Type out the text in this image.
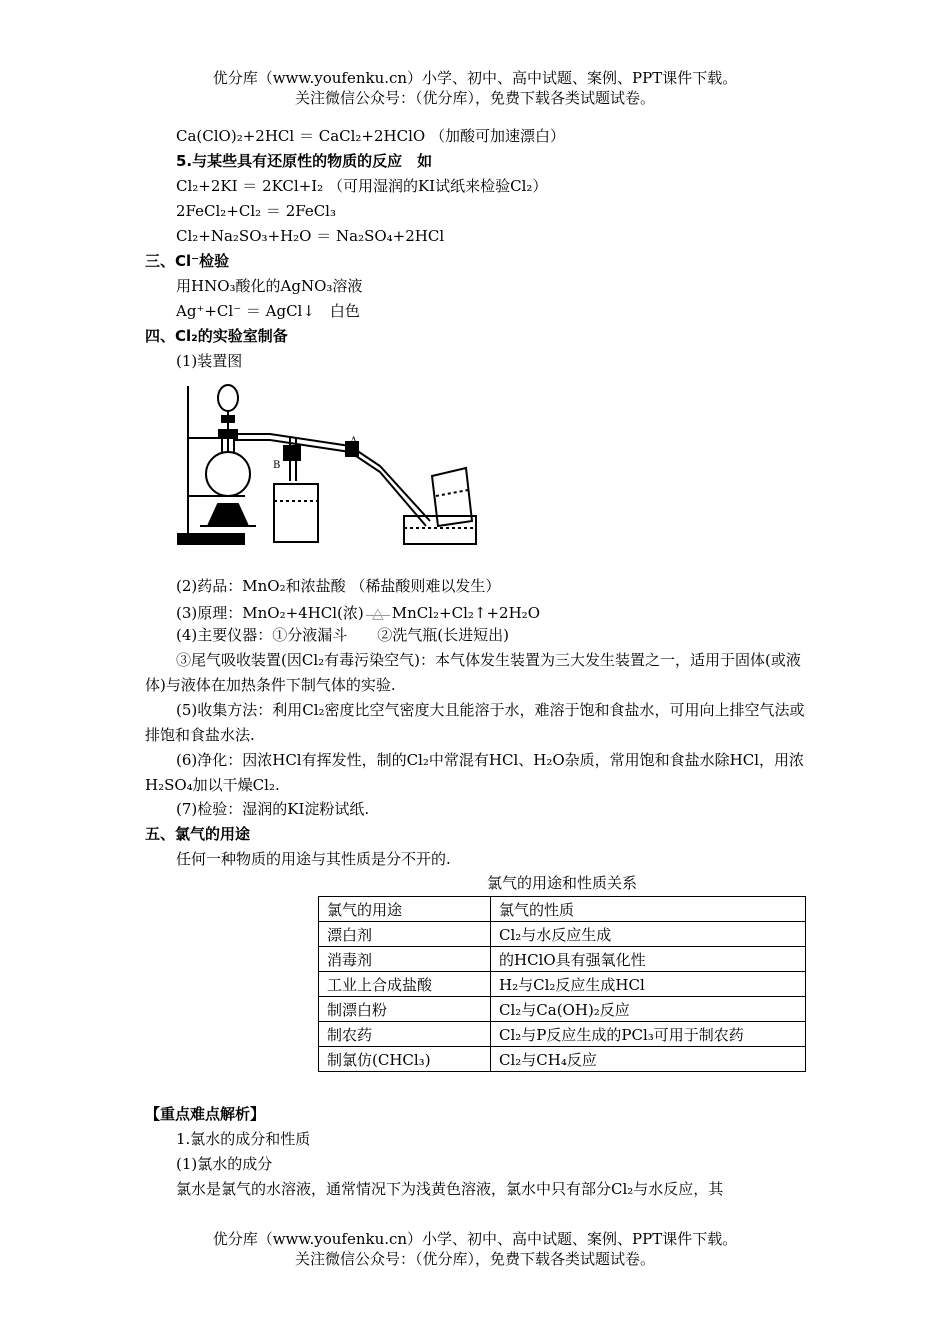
优分库（www.youfenku.cn）小学、初中、高中试题、案例、PPT课件下载。
关注微信公众号：（优分库），免费下载各类试题试卷。
Ca(ClO)₂+2HCl ＝ CaCl₂+2HClO （加酸可加速漂白）
5.与某些具有还原性的物质的反应　如
Cl₂+2KI ＝ 2KCl+I₂ （可用湿润的KI试纸来检验Cl₂）
2FeCl₂+Cl₂ ＝ 2FeCl₃
Cl₂+Na₂SO₃+H₂O ＝ Na₂SO₄+2HCl
三、Cl⁻检验
用HNO₃酸化的AgNO₃溶液
Ag⁺+Cl⁻ ＝ AgCl↓　白色
四、Cl₂的实验室制备
(1)装置图
A
B
(2)药品：MnO₂和浓盐酸 （稀盐酸则难以发生）
(3)原理：MnO₂+4HCl(浓) △ MnCl₂+Cl₂↑+2H₂O
(4)主要仪器：①分液漏斗　　②洗气瓶(长进短出)
③尾气吸收装置(因Cl₂有毒污染空气)：本气体发生装置为三大发生装置之一，适用于固体(或液体)与液体在加热条件下制气体的实验.
(5)收集方法：利用Cl₂密度比空气密度大且能溶于水，难溶于饱和食盐水，可用向上排空气法或排饱和食盐水法.
(6)净化：因浓HCl有挥发性，制的Cl₂中常混有HCl、H₂O杂质，常用饱和食盐水除HCl，用浓H₂SO₄加以干燥Cl₂.
(7)检验：湿润的KI淀粉试纸.
五、氯气的用途
任何一种物质的用途与其性质是分不开的.
氯气的用途和性质关系
氯气的用途	氯气的性质
漂白剂	Cl₂与水反应生成
消毒剂	的HClO具有强氧化性
工业上合成盐酸	H₂与Cl₂反应生成HCl
制漂白粉	Cl₂与Ca(OH)₂反应
制农药	Cl₂与P反应生成的PCl₃可用于制农药
制氯仿(CHCl₃)	Cl₂与CH₄反应
【重点难点解析】
1.氯水的成分和性质
(1)氯水的成分
氯水是氯气的水溶液，通常情况下为浅黄色溶液，氯水中只有部分Cl₂与水反应，其
优分库（www.youfenku.cn）小学、初中、高中试题、案例、PPT课件下载。
关注微信公众号：（优分库），免费下载各类试题试卷。
